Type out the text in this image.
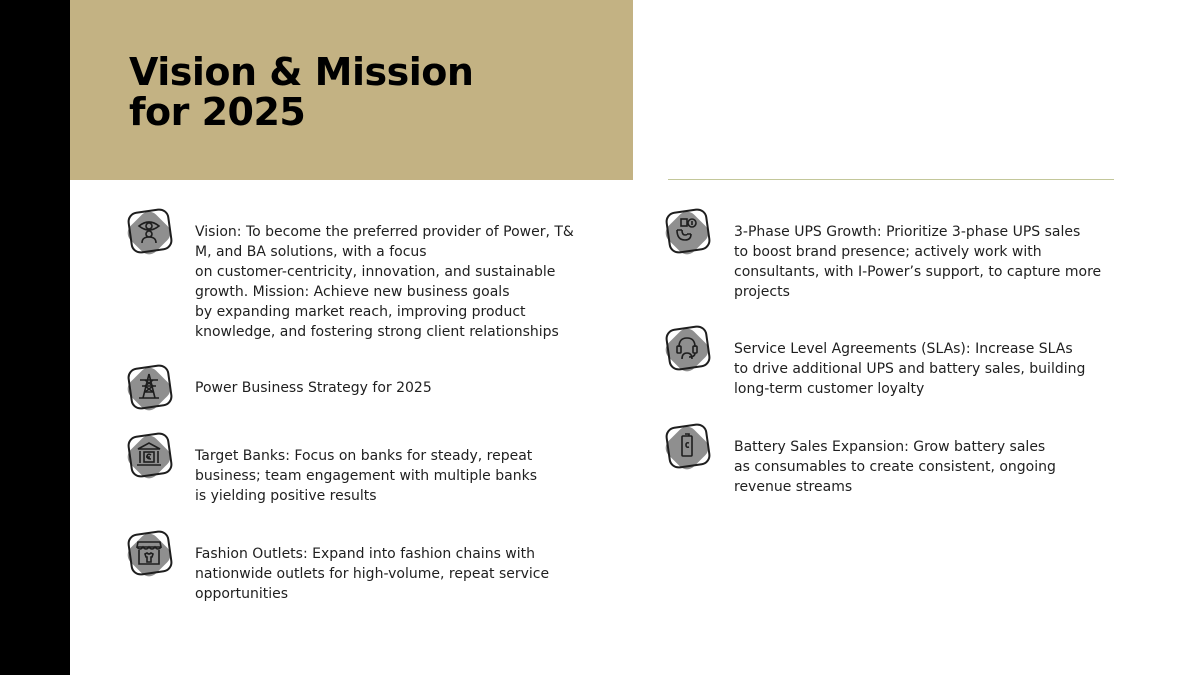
Vision & Mission
for 2025

Vision: To become the preferred provider of Power, T&
M, and BA solutions, with a focus
on customer-centricity, innovation, and sustainable
growth. Mission: Achieve new business goals
by expanding market reach, improving product
knowledge, and fostering strong client relationships

Power Business Strategy for 2025

Target Banks: Focus on banks for steady, repeat
business; team engagement with multiple banks
is yielding positive results

Fashion Outlets: Expand into fashion chains with
nationwide outlets for high-volume, repeat service
opportunities

3-Phase UPS Growth: Prioritize 3-phase UPS sales
to boost brand presence; actively work with
consultants, with I-Power’s support, to capture more
projects

Service Level Agreements (SLAs): Increase SLAs
to drive additional UPS and battery sales, building
long-term customer loyalty

Battery Sales Expansion: Grow battery sales
as consumables to create consistent, ongoing
revenue streams
